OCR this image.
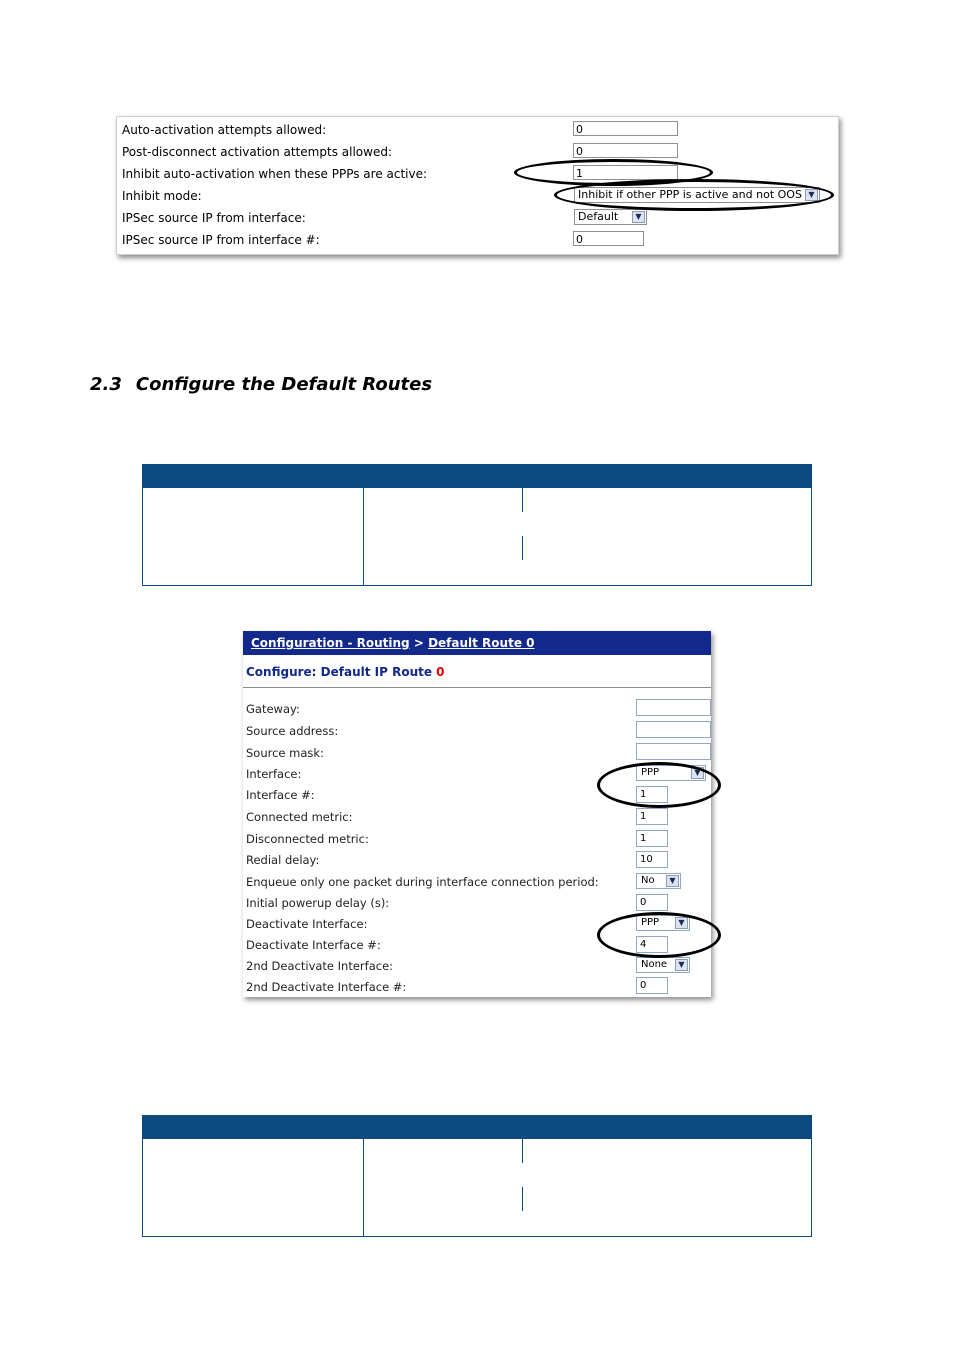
Auto-activation attempts allowed:	0
Post-disconnect activation attempts allowed:	0
Inhibit auto-activation when these PPPs are active:	1
Inhibit mode:	Inhibit if other PPP is active and not OOS ▼
IPSec source IP from interface:	Default	▼
IPSec source IP from interface #:	0
2.3 Configure the Default Routes
Configuration - Routing > Default Route 0
Configure: Default IP Route 0
Gateway:
Source address:
Source mask:
Interface:	PPP	▼
Interface #:	1
Connected metric:	1
Disconnected metric:	1
Redial delay:	10
Enqueue only one packet during interface connection period:	No	▼
Initial powerup delay (s):	0
Deactivate Interface:	PPP	▼
Deactivate Interface #:	4
2nd Deactivate Interface:	None	▼
2nd Deactivate Interface #:	0
